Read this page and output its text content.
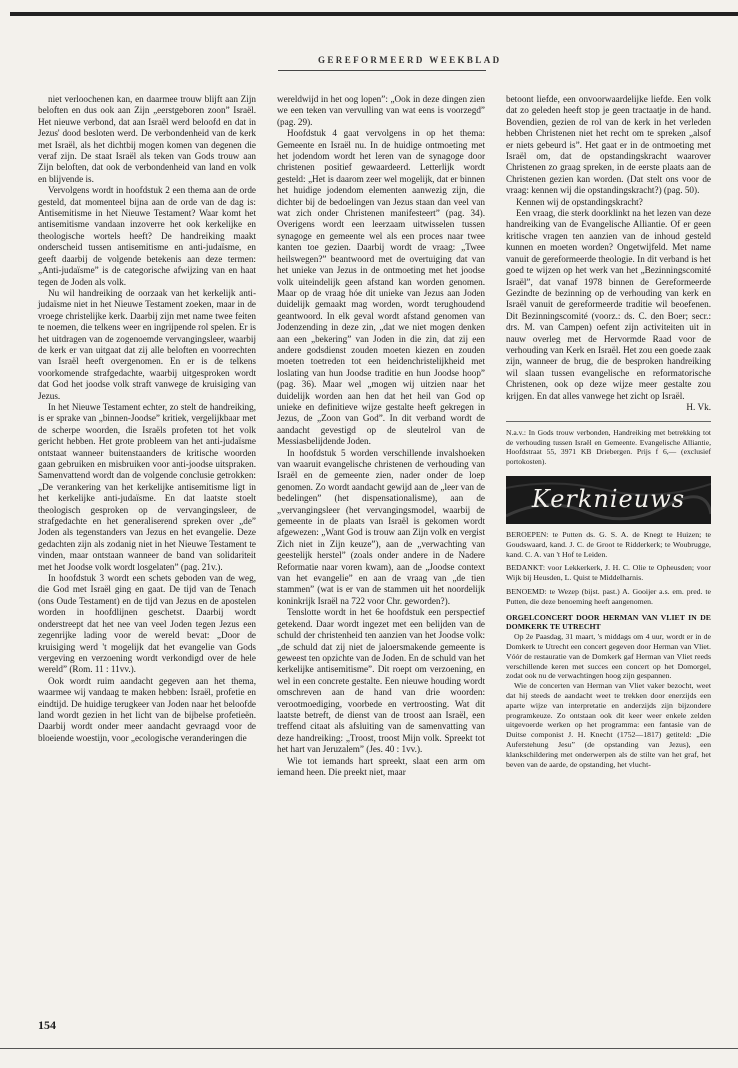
GEREFORMEERD WEEKBLAD

niet verloochenen kan, en daarmee trouw blijft aan Zijn beloften en dus ook aan Zijn „eerstgeboren zoon” Israël. Het nieuwe verbond, dat aan Israël werd beloofd en dat in Jezus' dood besloten werd. De verbondenheid van de kerk met Israël, als het dichtbij mogen komen van degenen die veraf zijn. De staat Israël als teken van Gods trouw aan Zijn beloften, dat ook de verbondenheid van land en volk en blijvende is.

Vervolgens wordt in hoofdstuk 2 een thema aan de orde gesteld, dat momenteel bijna aan de orde van de dag is: Antisemitisme in het Nieuwe Testament? Waar komt het antisemitisme vandaan inzoverre het ook kerkelijke en theologische wortels heeft? De handreiking maakt onderscheid tussen antisemitisme en anti-judaïsme, en geeft daarbij de volgende betekenis aan deze termen: „Anti-judaïsme” is de categorische afwijzing van en haat tegen de Joden als volk.

Nu wil handreiking de oorzaak van het kerkelijk anti-judaïsme niet in het Nieuwe Testament zoeken, maar in de vroege christelijke kerk. Daarbij zijn met name twee feiten te noemen, die telkens weer en ingrijpende rol spelen. Er is het uitdragen van de zogenoemde vervangingsleer, waarbij de kerk er van uitgaat dat zij alle beloften en voorrechten van Israël heeft overgenomen. En er is de telkens voorkomende strafgedachte, waarbij uitgesproken wordt dat God het joodse volk straft vanwege de kruisiging van Jezus.

In het Nieuwe Testament echter, zo stelt de handreiking, is er sprake van „binnen-Joodse” kritiek, vergelijkbaar met de scherpe woorden, die Israëls profeten tot het volk gericht hebben. Het grote probleem van het anti-judaïsme ontstaat wanneer buitenstaanders de kritische woorden gaan gebruiken en misbruiken voor anti-joodse uitspraken. Samenvattend wordt dan de volgende conclusie getrokken: „De verankering van het kerkelijke antisemitisme ligt in het kerkelijke anti-judaïsme. En dat laatste stoelt theologisch gesproken op de vervangingsleer, de strafgedachte en het generaliserend spreken over „de” Joden als tegenstanders van Jezus en het evangelie. Deze gedachten zijn als zodanig niet in het Nieuwe Testament te vinden, maar ontstaan wanneer de band van solidariteit met het Joodse volk wordt losgelaten” (pag. 21v.).

In hoofdstuk 3 wordt een schets geboden van de weg, die God met Israël ging en gaat. De tijd van de Tenach (ons Oude Testament) en de tijd van Jezus en de apostelen worden in hoofdlijnen geschetst. Daarbij wordt onderstreept dat het nee van veel Joden tegen Jezus een zegenrijke lading voor de wereld bevat: „Door de kruisiging werd 't mogelijk dat het evangelie van Gods vergeving en verzoening wordt verkondigd over de hele wereld” (Rom. 11 : 11vv.).

Ook wordt ruim aandacht gegeven aan het thema, waarmee wij vandaag te maken hebben: Israël, profetie en eindtijd. De huidige terugkeer van Joden naar het beloofde land wordt gezien in het licht van de bijbelse profetieën. Daarbij wordt onder meer aandacht gevraagd voor de bloeiende woestijn, voor „ecologische veranderingen die

wereldwijd in het oog lopen”: „Ook in deze dingen zien we een teken van vervulling van wat eens is voorzegd” (pag. 29).

Hoofdstuk 4 gaat vervolgens in op het thema: Gemeente en Israël nu. In de huidige ontmoeting met het jodendom wordt het leren van de synagoge door christenen positief gewaardeerd. Letterlijk wordt gesteld: „Het is daarom zeer wel mogelijk, dat er binnen het huidige jodendom elementen aanwezig zijn, die dichter bij de bedoelingen van Jezus staan dan veel van wat zich onder Christenen manifesteert” (pag. 34). Overigens wordt een leerzaam uitwisselen tussen synagoge en gemeente wel als een proces naar twee kanten toe gezien. Daarbij wordt de vraag: „Twee heilswegen?” beantwoord met de overtuiging dat van het unieke van Jezus in de ontmoeting met het joodse volk uiteindelijk geen afstand kan worden genomen. Maar op de vraag hóe dit unieke van Jezus aan Joden duidelijk gemaakt mag worden, wordt terughoudend geantwoord. In elk geval wordt afstand genomen van Jodenzending in deze zin, „dat we niet mogen denken aan een „bekering” van Joden in die zin, dat zij een andere godsdienst zouden moeten kiezen en zouden moeten toetreden tot een heidenchristelijkheid met loslating van hun Joodse traditie en hun Joodse hoop” (pag. 36). Maar wel „mogen wij uitzien naar het duidelijk worden aan hen dat het heil van God op unieke en definitieve wijze gestalte heeft gekregen in Jezus, de „Zoon van God”. In dit verband wordt de aandacht gevestigd op de sleutelrol van de Messiasbelijdende Joden.

In hoofdstuk 5 worden verschillende invalshoeken van waaruit evangelische christenen de verhouding van Israël en de gemeente zien, nader onder de loep genomen. Zo wordt aandacht gewijd aan de „leer van de bedelingen” (het dispensationalisme), aan de „vervangingsleer (het vervangingsmodel, waarbij de gemeente in de plaats van Israël is gekomen wordt afgewezen: „Want God is trouw aan Zijn volk en vergist Zich niet in Zijn keuze”), aan de „verwachting van geestelijk herstel” (zoals onder andere in de Nadere Reformatie naar voren kwam), aan de „Joodse context van het evangelie” en aan de vraag van „de tien stammen” (wat is er van de stammen uit het noordelijk koninkrijk Israël na 722 voor Chr. geworden?).

Tenslotte wordt in het 6e hoofdstuk een perspectief getekend. Daar wordt ingezet met een belijden van de schuld der christenheid ten aanzien van het Joodse volk: „de schuld dat zij niet de jaloersmakende gemeente is geweest ten opzichte van de Joden. En de schuld van het kerkelijke antisemitisme”. Dit roept om verzoening, en wel in een concrete gestalte. Een nieuwe houding wordt omschreven aan de hand van drie woorden: verootmoediging, voorbede en vertroosting. Wat dit laatste betreft, de dienst van de troost aan Israël, een treffend citaat als afsluiting van de samenvatting van deze handreiking: „Troost, troost Mijn volk. Spreekt tot het hart van Jeruzalem” (Jes. 40 : 1vv.).

Wie tot iemands hart spreekt, slaat een arm om iemand heen. Die preekt niet, maar

betoont liefde, een onvoorwaardelijke liefde. Een volk dat zo geleden heeft stop je geen tractaatje in de hand. Bovendien, gezien de rol van de kerk in het verleden hebben Christenen niet het recht om te spreken „alsof er niets gebeurd is”. Het gaat er in de ontmoeting met Israël om, dat de opstandingskracht waarover Christenen zo graag spreken, in de eerste plaats aan de Christenen gezien kan worden. (Dat stelt ons voor de vraag: kennen wij die opstandingskracht?) (pag. 50).

Kennen wij de opstandingskracht?

Een vraag, die sterk doorklinkt na het lezen van deze handreiking van de Evangelische Alliantie. Of er geen kritische vragen ten aanzien van de inhoud gesteld kunnen en moeten worden? Ongetwijfeld. Met name vanuit de gereformeerde theologie. In dit verband is het goed te wijzen op het werk van het „Bezinningscomité Israël”, dat vanaf 1978 binnen de Gereformeerde Gezindte de bezinning op de verhouding van kerk en Israël vanuit de gereformeerde traditie wil beoefenen. Dit Bezinningscomité (voorz.: ds. C. den Boer; secr.: drs. M. van Campen) oefent zijn activiteiten uit in nauw overleg met de Hervormde Raad voor de verhouding van Kerk en Israël. Het zou een goede zaak zijn, wanneer de brug, die de besproken handreiking wil slaan tussen evangelische en reformatorische Christenen, ook op deze wijze meer gestalte zou krijgen. En dat alles vanwege het zicht op Israël.

H. Vk.

N.a.v.: In Gods trouw verbonden, Handreiking met betrekking tot de verhouding tussen Israël en Gemeente. Evangelische Alliantie, Hoofdstraat 55, 3971 KB Driebergen. Prijs f 6,— (exclusief portokosten).

Kerknieuws

BEROEPEN: te Putten ds. G. S. A. de Knegt te Huizen; te Goudswaard, kand. J. C. de Groot te Ridderkerk; te Woubrugge, kand. C. A. van 't Hof te Leiden.

BEDANKT: voor Lekkerkerk, J. H. C. Olie te Opheusden; voor Wijk bij Heusden, L. Quist te Middelharnis.

BENOEMD: te Wezep (bijst. past.) A. Gooijer a.s. em. pred. te Putten, die deze benoeming heeft aangenomen.

ORGELCONCERT DOOR HERMAN VAN VLIET IN DE DOMKERK TE UTRECHT

Op 2e Paasdag, 31 maart, 's middags om 4 uur, wordt er in de Domkerk te Utrecht een concert gegeven door Herman van Vliet. Vóór de restauratie van de Domkerk gaf Herman van Vliet reeds verschillende keren met succes een concert op het Domorgel, zodat ook nu de verwachtingen hoog zijn gespannen.

Wie de concerten van Herman van Vliet vaker bezocht, weet dat hij steeds de aandacht weet te trekken door enerzijds een aparte wijze van interpretatie en anderzijds zijn bijzondere programkeuze. Zo ontstaan ook dit keer weer enkele zelden uitgevoerde werken op het programma: een fantasie van de Duitse componist J. H. Knecht (1752—1817) getiteld: „Die Auferstehung Jesu” (de opstanding van Jezus), een klankschildering met onderwerpen als de stilte van het graf, het beven van de aarde, de opstanding, het vlucht-

154
